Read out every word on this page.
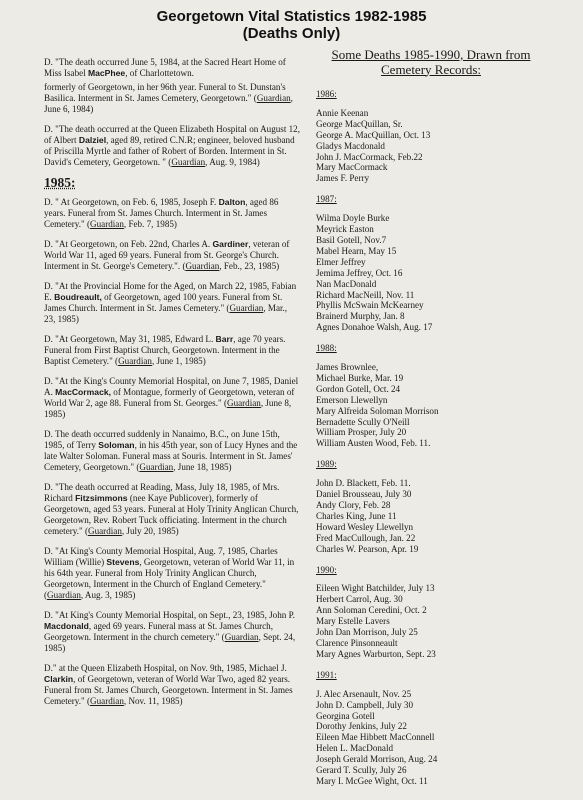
Georgetown Vital Statistics 1982-1985
(Deaths Only)
D. "The death occurred June 5, 1984, at the Sacred Heart Home of Miss Isabel MacPhee, of Charlottetown.
formerly of Georgetown, in her 96th year. Funeral to St. Dunstan's Basilica. Interment in St. James Cemetery, Georgetown." (Guardian, June 6, 1984)
D. "The death occurred at the Queen Elizabeth Hospital on August 12, of Albert Dalziel, aged 89, retired C.N.R; engineer, beloved husband of Priscilla Myrtle and father of Robert of Borden. Interment in St. David's Cemetery, Georgetown. " (Guardian, Aug. 9, 1984)
1985:
D. " At Georgetown, on Feb. 6, 1985, Joseph F. Dalton, aged 86 years. Funeral from St. James Church. Interment in St. James Cemetery." (Guardian, Feb. 7, 1985)
D. "At Georgetown, on Feb. 22nd, Charles A. Gardiner, veteran of World War 11, aged 69 years. Funeral from St. George's Church. Interment in St. George's Cemetery.". (Guardian, Feb., 23, 1985)
D. "At the Provincial Home for the Aged, on March 22, 1985, Fabian E. Boudreault, of Georgetown, aged 100 years. Funeral from St. James Church. Interment in St. James Cemetery." (Guardian, Mar., 23, 1985)
D. "At Georgetown, May 31, 1985, Edward L. Barr, age 70 years. Funeral from First Baptist Church, Georgetown. Interment in the Baptist Cemetery." (Guardian, June 1, 1985)
D. "At the King's County Memorial Hospital, on June 7, 1985, Daniel A. MacCormack, of Montague, formerly of Georgetown, veteran of World War 2, age 88. Funeral from St. Georges." (Guardian, June 8, 1985)
D. The death occurred suddenly in Nanaimo, B.C., on June 15th, 1985, of Terry Soloman, in his 45th year, son of Lucy Hynes and the late Walter Soloman. Funeral mass at Souris. Interment in St. James' Cemetery, Georgetown." (Guardian, June 18, 1985)
D. "The death occurred at Reading, Mass, July 18, 1985, of Mrs. Richard Fitzsimmons (nee Kaye Publicover), formerly of Georgetown, aged 53 years. Funeral at Holy Trinity Anglican Church, Georgetown, Rev. Robert Tuck officiating. Interment in the church cemetery." (Guardian, July 20, 1985)
D. "At King's County Memorial Hospital, Aug. 7, 1985, Charles William (Willie) Stevens, Georgetown, veteran of World War 11, in his 64th year. Funeral from Holy Trinity Anglican Church, Georgetown, Interment in the Church of England Cemetery." (Guardian, Aug. 3, 1985)
D. "At King's County Memorial Hospital, on Sept., 23, 1985, John P. Macdonald, aged 69 years. Funeral mass at St. James Church, Georgetown. Interment in the church cemetery." (Guardian, Sept. 24, 1985)
D." at the Queen Elizabeth Hospital, on Nov. 9th, 1985, Michael J. Clarkin, of Georgetown, veteran of World War Two, aged 82 years. Funeral from St. James Church, Georgetown. Interment in St. James Cemetery." (Guardian, Nov. 11, 1985)
Some Deaths 1985-1990, Drawn from Cemetery Records:
1986:
Annie Keenan
George MacQuillan, Sr.
George A. MacQuillan, Oct. 13
Gladys Macdonald
John J. MacCormack, Feb.22
Mary MacCormack
James F. Perry
1987:
Wilma Doyle Burke
Meyrick Easton
Basil Gotell, Nov.7
Mabel Hearn, May 15
Elmer Jeffrey
Jemima Jeffrey, Oct. 16
Nan MacDonald
Richard MacNeill, Nov. 11
Phyllis McSwain McKearney
Brainerd Murphy, Jan. 8
Agnes Donahoe Walsh, Aug. 17
1988:
James Brownlee,
Michael Burke, Mar. 19
Gordon Gotell, Oct. 24
Emerson Llewellyn
Mary Alfreida Soloman Morrison
Bernadette Scully O'Neill
William Prosper, July 20
William Austen Wood, Feb. 11.
1989:
John D. Blackett, Feb. 11.
Daniel Brousseau, July 30
Andy Clory, Feb. 28
Charles King, June 11
Howard Wesley Llewellyn
Fred MacCullough, Jan. 22
Charles W. Pearson, Apr. 19
1990:
Eileen Wight Batchilder, July 13
Herbert Carrol, Aug. 30
Ann Soloman Ceredini, Oct. 2
Mary Estelle Lavers
John Dan Morrison, July 25
Clarence Pinsonneault
Mary Agnes Warburton, Sept. 23
1991:
J. Alec Arsenault, Nov. 25
John D. Campbell, July 30
Georgina Gotell
Dorothy Jenkins, July 22
Eileen Mae Hibbett MacConnell
Helen L. MacDonald
Joseph Gerald Morrison, Aug. 24
Gerard T. Scully, July 26
Mary I. McGee Wight, Oct. 11
